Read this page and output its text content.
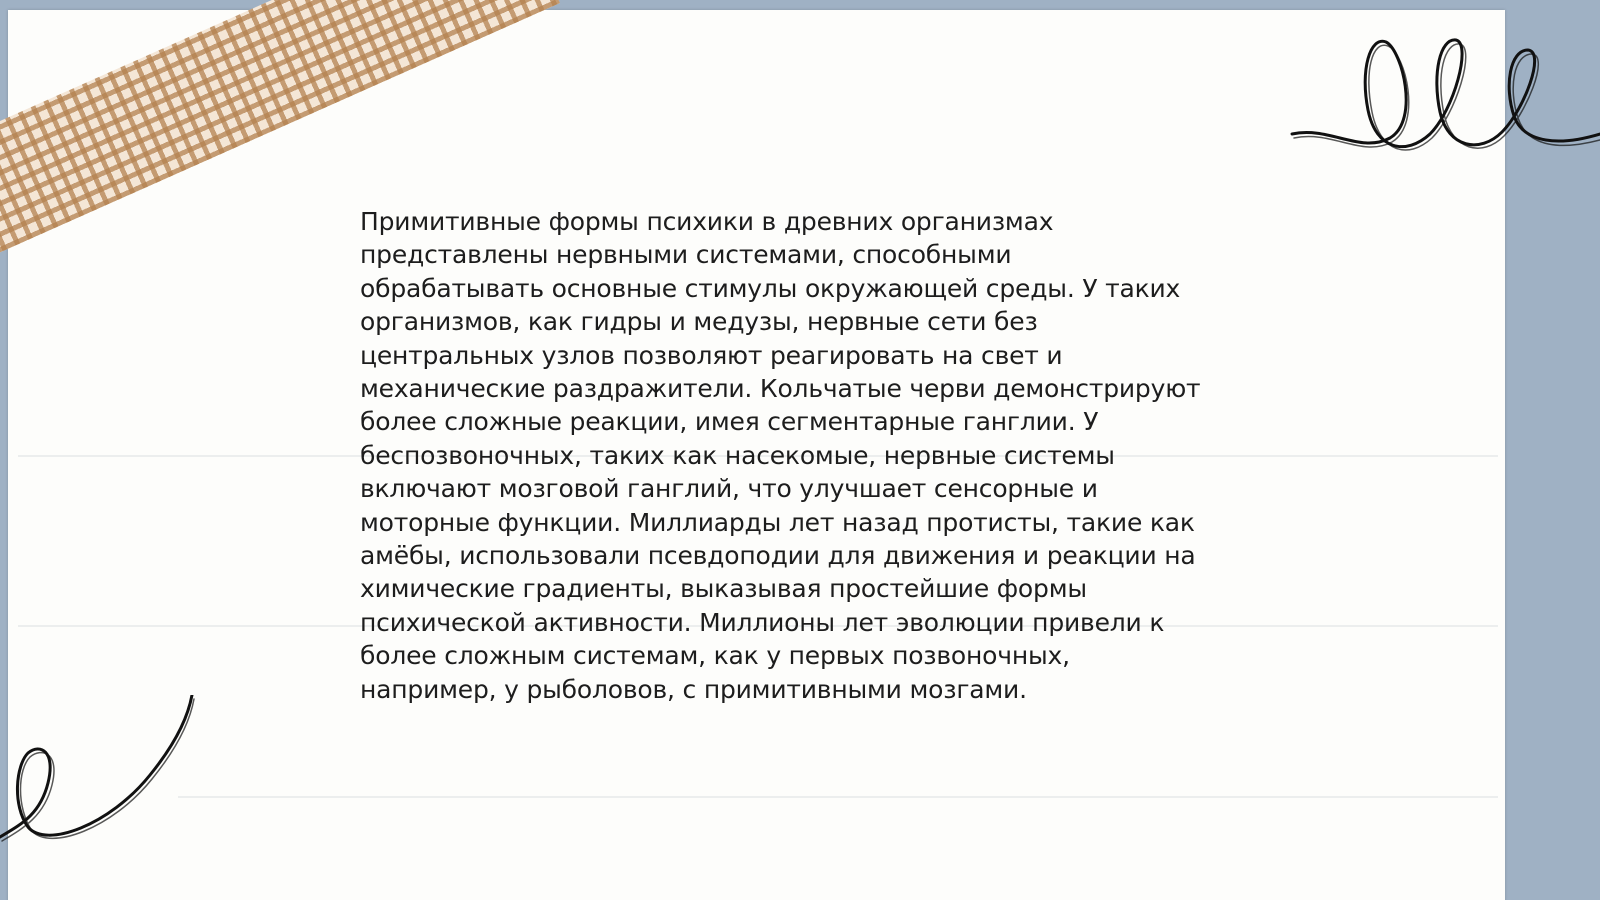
Примитивные формы психики в древних организмах
представлены нервными системами, способными
обрабатывать основные стимулы окружающей среды. У таких
организмов, как гидры и медузы, нервные сети без
центральных узлов позволяют реагировать на свет и
механические раздражители. Кольчатые черви демонстрируют
более сложные реакции, имея сегментарные ганглии. У
беспозвоночных, таких как насекомые, нервные системы
включают мозговой ганглий, что улучшает сенсорные и
моторные функции. Миллиарды лет назад протисты, такие как
амёбы, использовали псевдоподии для движения и реакции на
химические градиенты, выказывая простейшие формы
психической активности. Миллионы лет эволюции привели к
более сложным системам, как у первых позвоночных,
например, у рыболовов, с примитивными мозгами.
